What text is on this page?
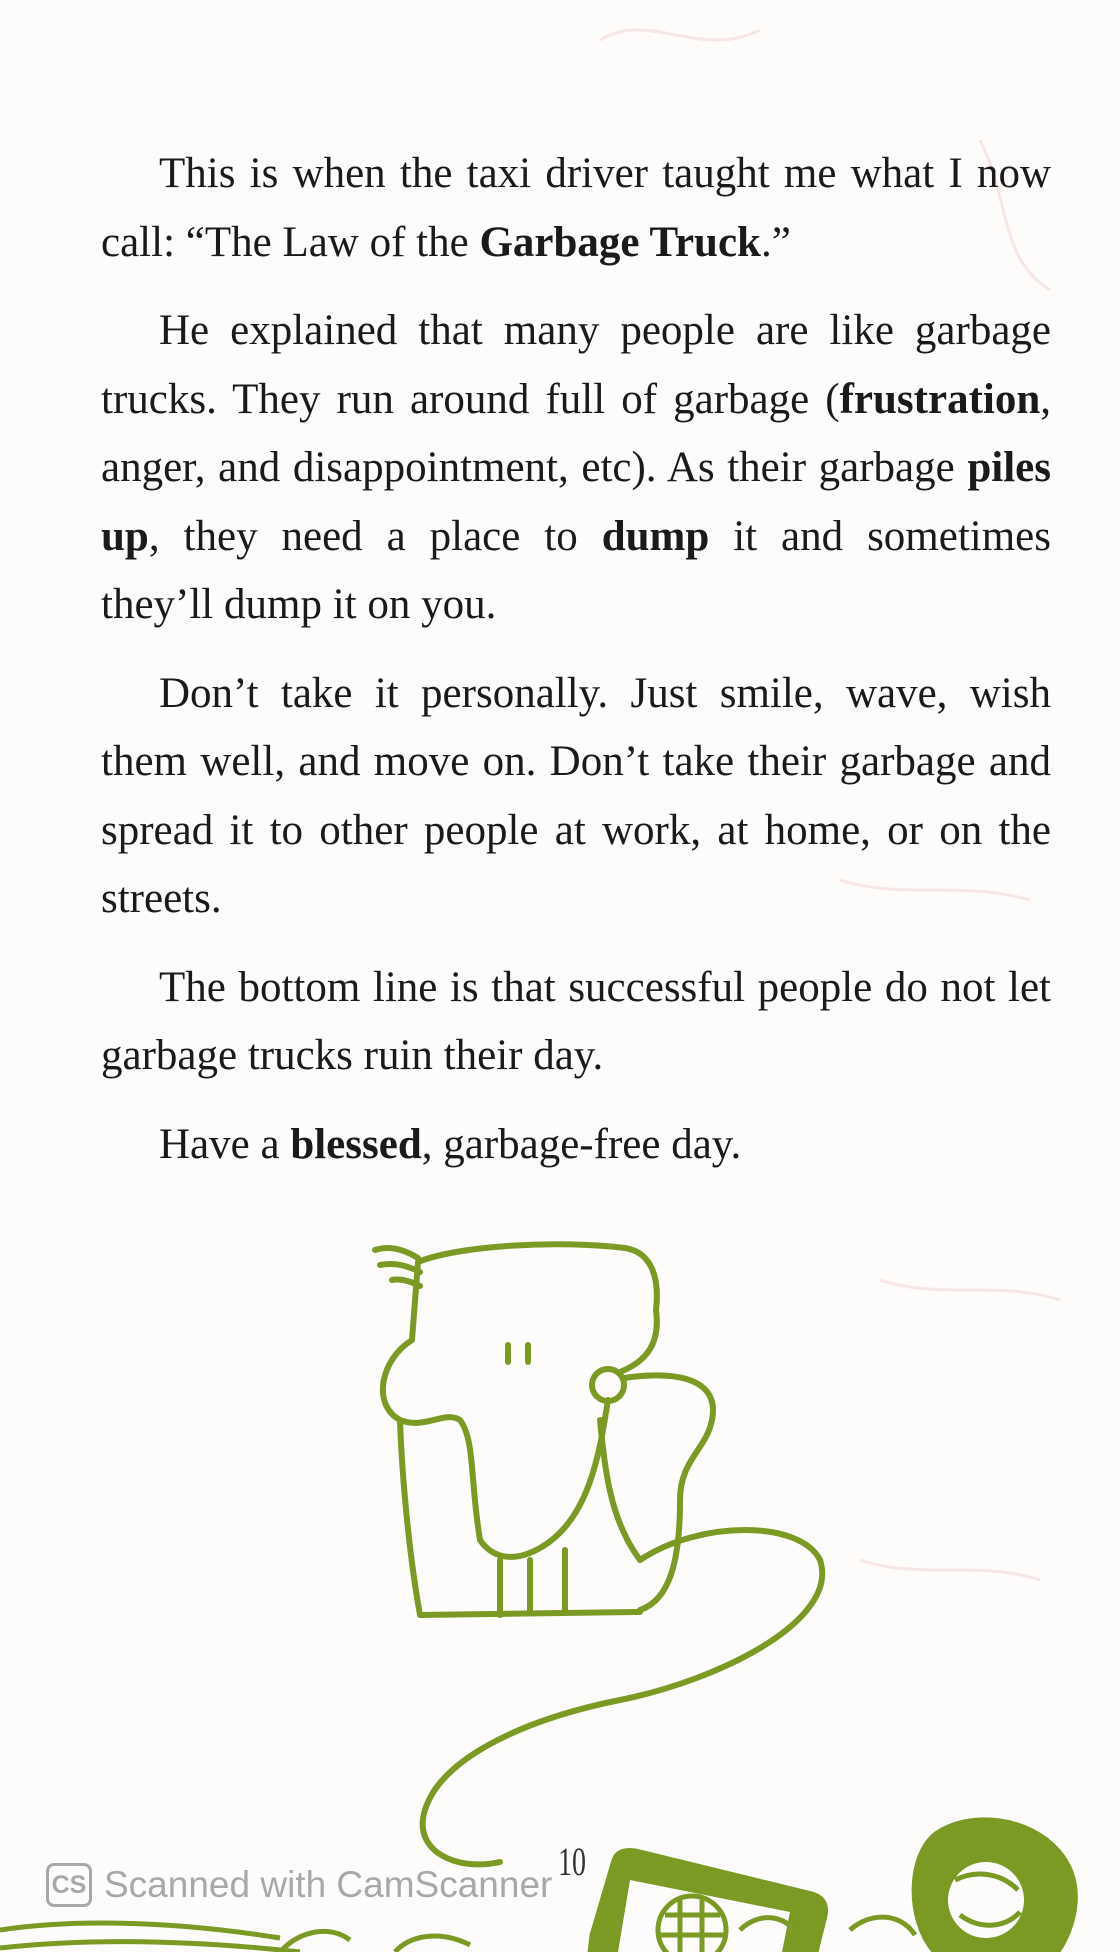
This is when the taxi driver taught me what I now call: “The Law of the Garbage Truck.”

He explained that many people are like garbage trucks. They run around full of garbage (frustration, anger, and disappointment, etc). As their garbage piles up, they need a place to dump it and sometimes they’ll dump it on you.

Don’t take it personally. Just smile, wave, wish them well, and move on. Don’t take their garbage and spread it to other people at work, at home, or on the streets.

The bottom line is that successful people do not let garbage trucks ruin their day.

Have a blessed, garbage-free day.

10
CS Scanned with CamScanner
